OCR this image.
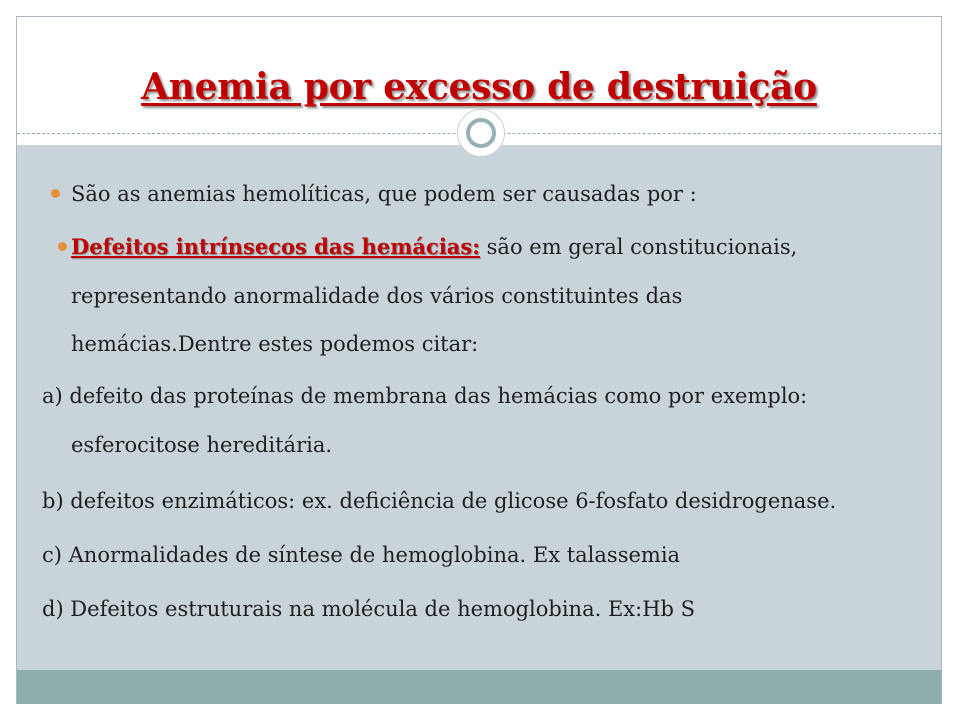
Anemia por excesso de destruição
São as anemias hemolíticas, que podem ser causadas por :
Defeitos intrínsecos das hemácias: são em geral constitucionais,
representando anormalidade dos vários constituintes das
hemácias.Dentre estes podemos citar:
a) defeito das proteínas de membrana das hemácias como por exemplo:
esferocitose hereditária.
b) defeitos enzimáticos: ex. deficiência de glicose 6-fosfato desidrogenase.
c) Anormalidades de síntese de hemoglobina. Ex talassemia
d) Defeitos estruturais na molécula de hemoglobina. Ex:Hb S
